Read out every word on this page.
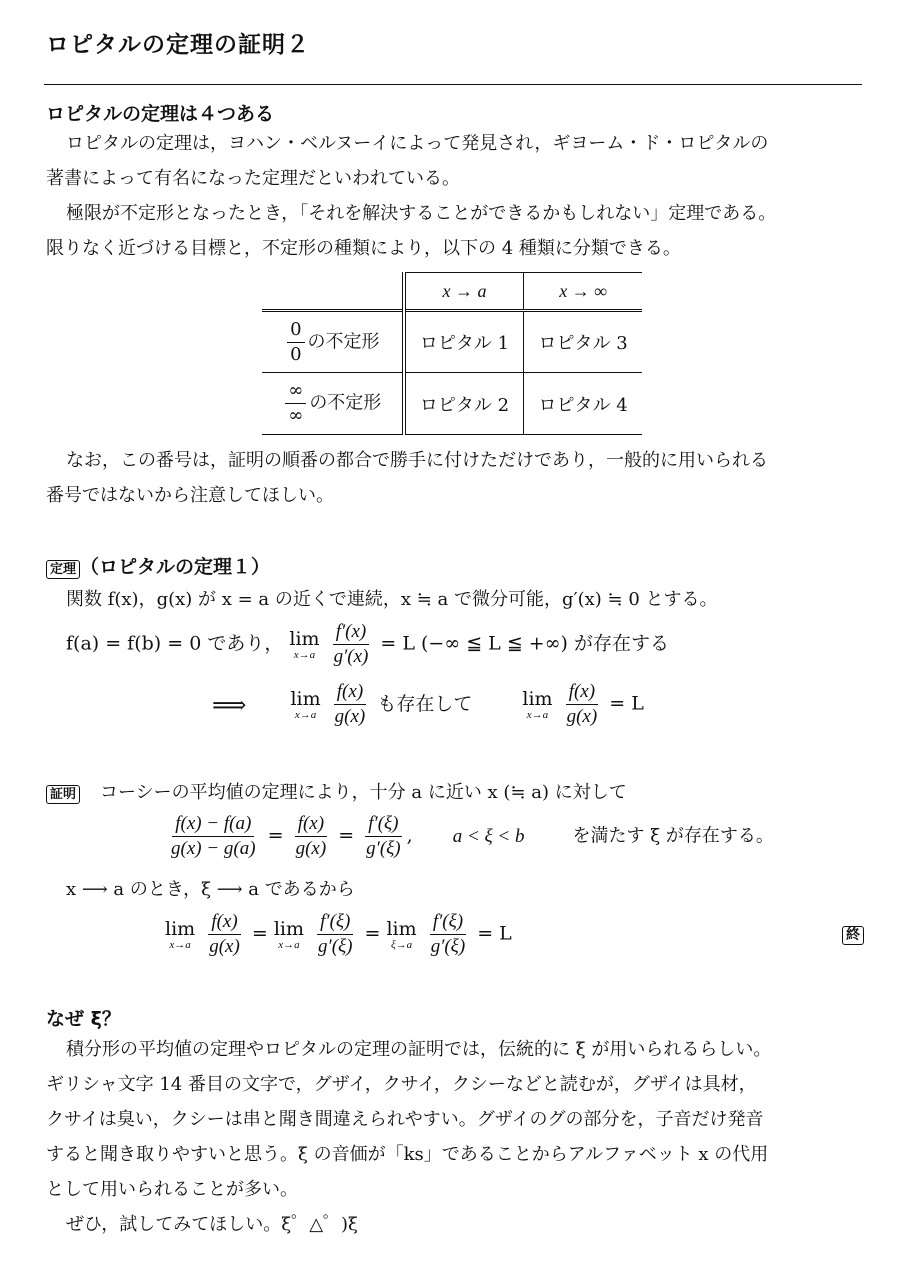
ロピタルの定理の証明２
ロピタルの定理は４つある
ロピタルの定理は，ヨハン・ベルヌーイによって発見され，ギヨーム・ド・ロピタルの
著書によって有名になった定理だといわれている。
極限が不定形となったとき，「それを解決することができるかもしれない」定理である。
限りなく近づける目標と，不定形の種類により，以下の 4 種類に分類できる。
	x → a	x → ∞

$\frac{0}{0}$ の不定形	ロピタル 1	ロピタル 3

$\frac{\infty}{\infty}$ の不定形	ロピタル 2	ロピタル 4
なお，この番号は，証明の順番の都合で勝手に付けただけであり，一般的に用いられる
番号ではないから注意してほしい。
定理 （ロピタルの定理１）
関数 f(x)，g(x) が x = a の近くで連続，x ≒ a で微分可能，g′(x) ≒ 0 とする。
f(a) = f(b) = 0 であり， lim
x→a
$\frac{f'(x)}{g'(x)} = L$ (−∞ ≦ L ≦ +∞) が存在する
⟹ lim
x→a
$\frac{f(x)}{g(x)}$ も存在して	lim
x→a
$\frac{f(x)}{g(x)} = L$
証明 コーシーの平均値の定理により，十分 a に近い x (≒ a) に対して
$\frac{f(x) - f(a)}{g(x) - g(a)} = \frac{f(x)}{g(x)} = \frac{f'(\xi)}{g'(\xi)}$ , a < ξ < b	を満たす ξ が存在する。
x ⟶ a のとき，ξ ⟶ a であるから
lim
x→a
$\frac{f(x)}{g(x)} = \lim$
x→a
$\frac{f'(\xi)}{g'(\xi)} = \lim$
ξ→a
$\frac{f'(\xi)}{g'(\xi)} = L$	終
なぜ ξ？
積分形の平均値の定理やロピタルの定理の証明では，伝統的に ξ が用いられるらしい。
ギリシャ文字 14 番目の文字で，グザイ，クサイ，クシーなどと読むが，グザイは具材，
クサイは臭い，クシーは串と聞き間違えられやすい。グザイのグの部分を，子音だけ発音
すると聞き取りやすいと思う。ξ の音価が「ks」であることからアルファベット x の代用
として用いられることが多い。
ぜひ，試してみてほしい。ξ゜△゜)ξ
